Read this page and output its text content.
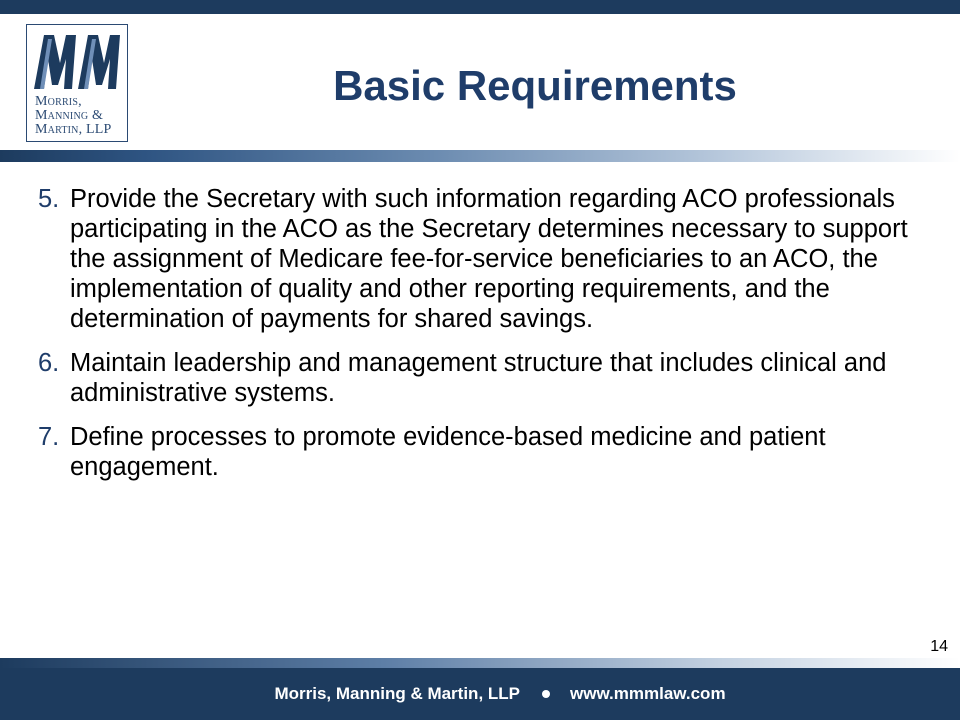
Morris,
Manning &
Martin, LLP
Basic Requirements
5. Provide the Secretary with such information regarding ACO professionals participating in the ACO as the Secretary determines necessary to support the assignment of Medicare fee-for-service beneficiaries to an ACO, the implementation of quality and other reporting requirements, and the determination of payments for shared savings.
6. Maintain leadership and management structure that includes clinical and administrative systems.
7. Define processes to promote evidence-based medicine and patient engagement.
14
Morris, Manning & Martin, LLP	www.mmmlaw.com
